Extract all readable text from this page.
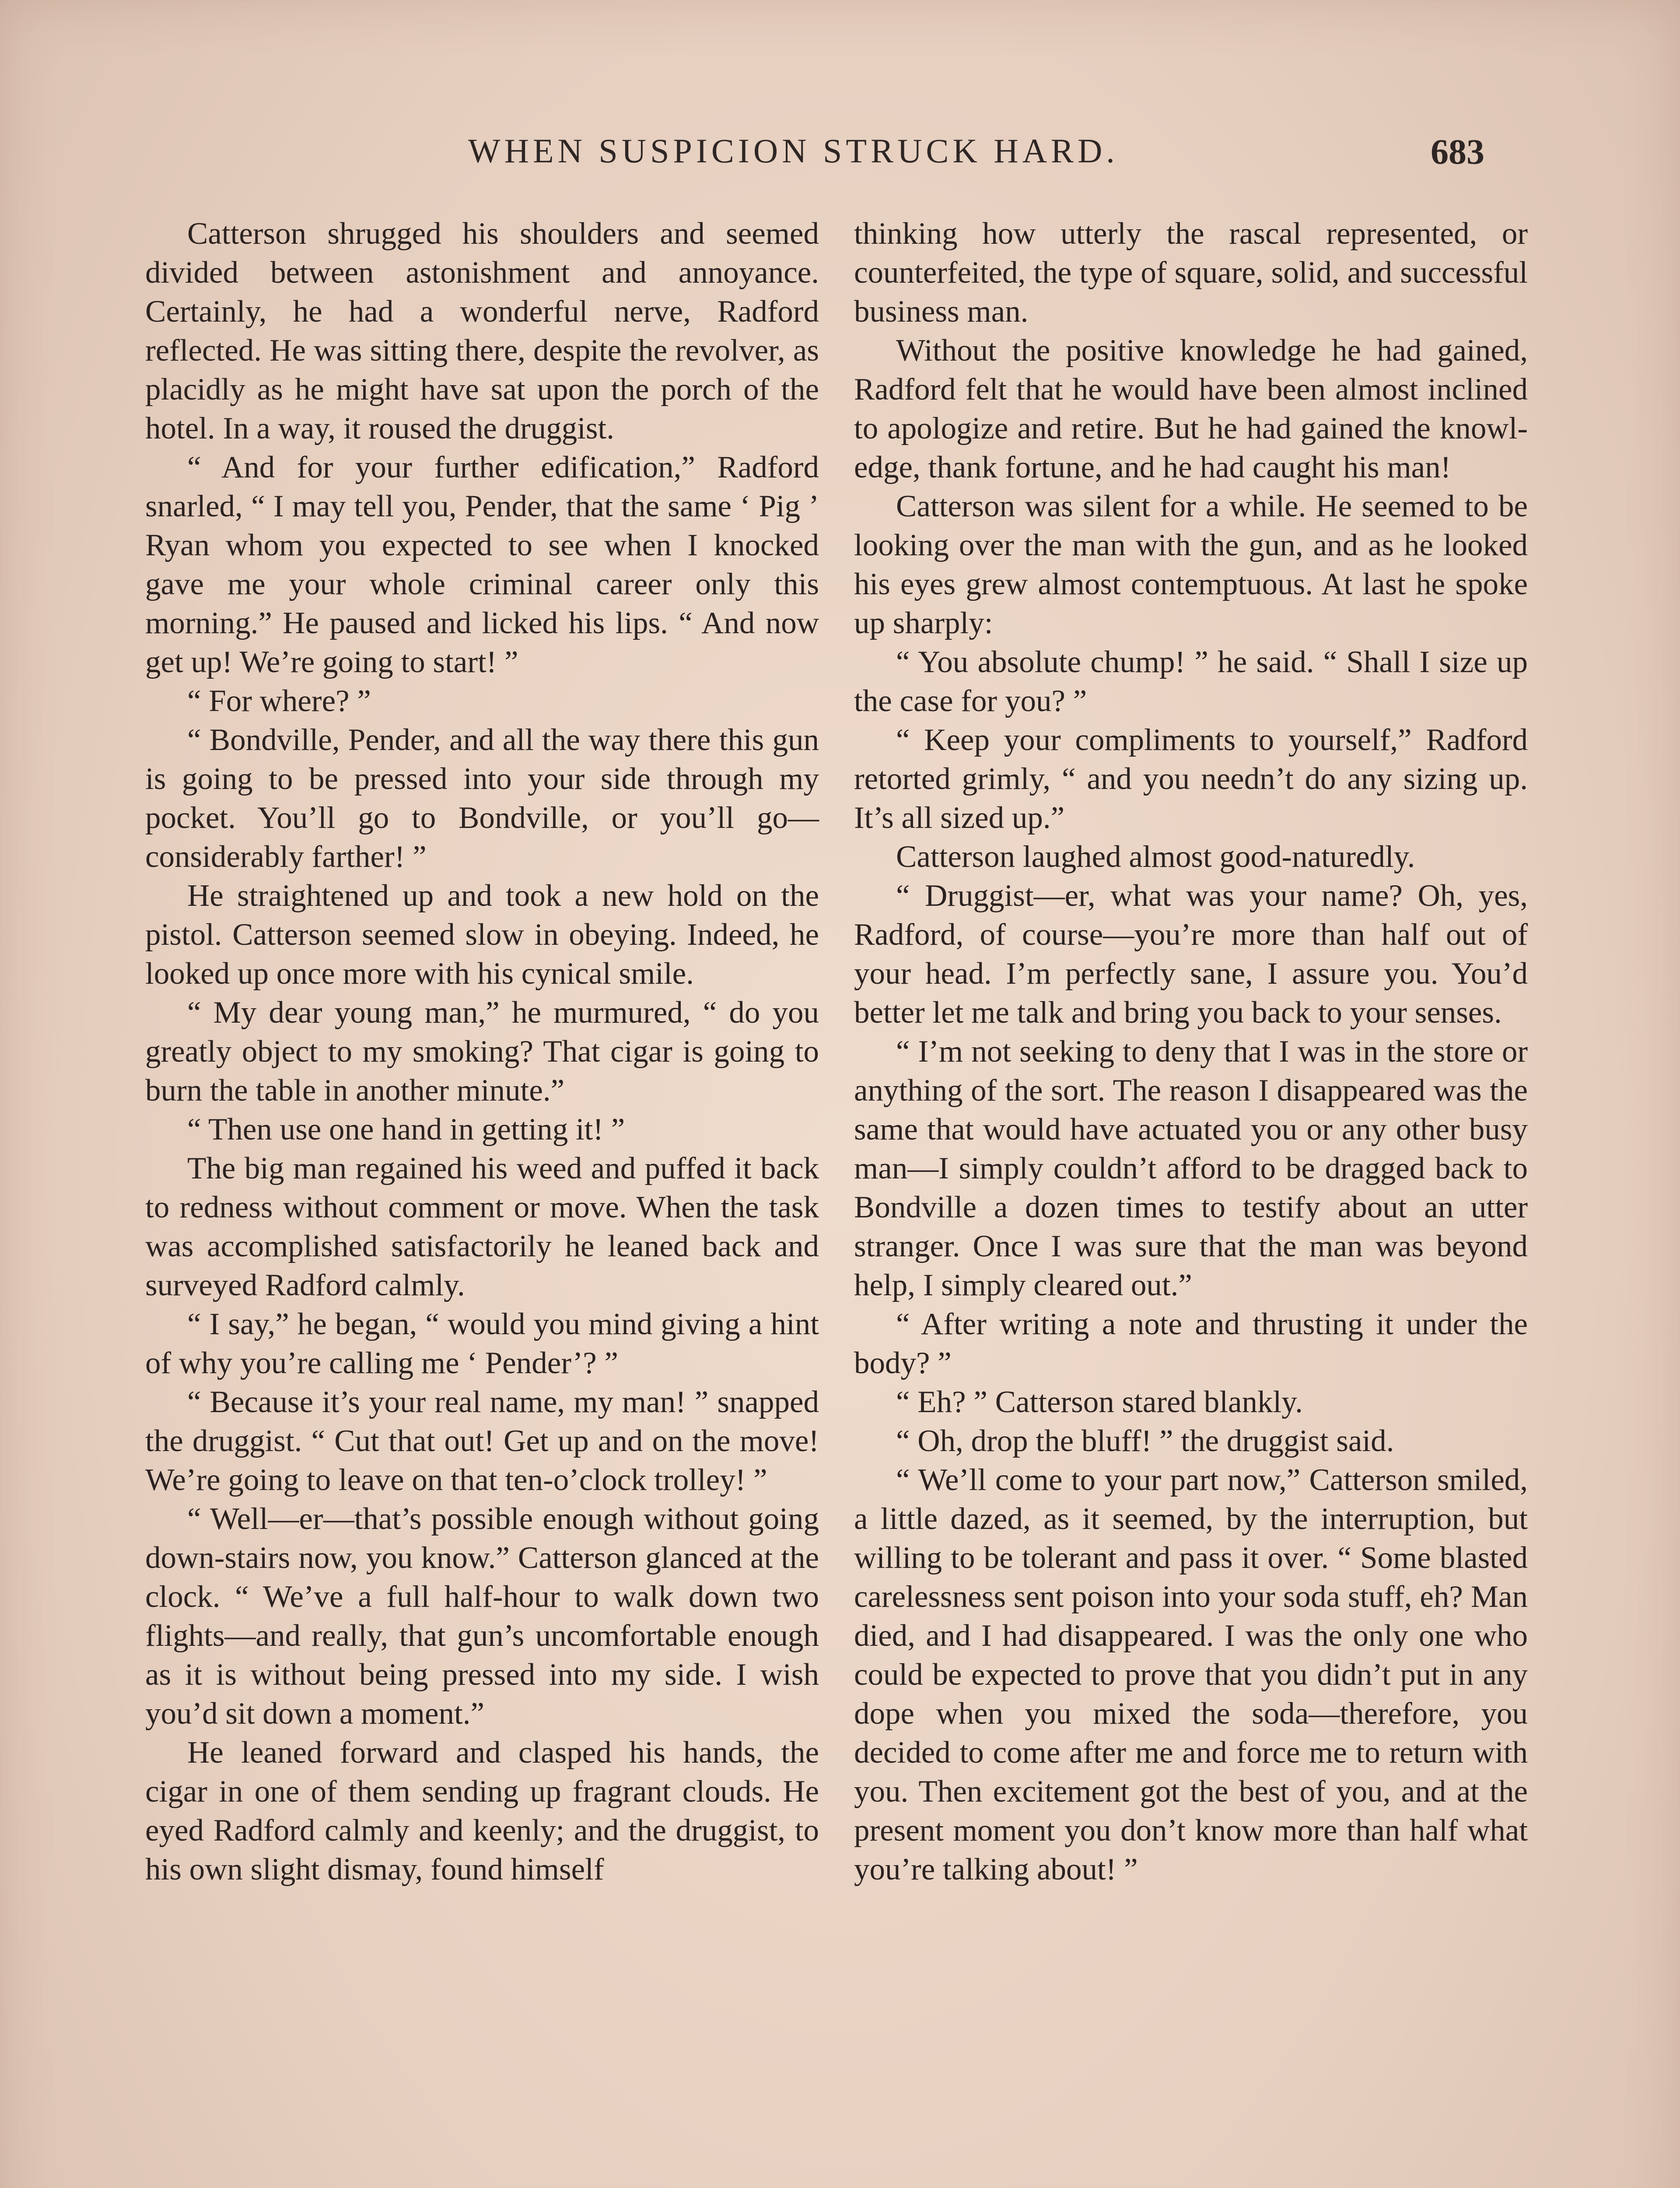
WHEN SUSPICION STRUCK HARD.	683

Catterson shrugged his shoulders and seemed divided between astonishment and annoyance. Certainly, he had a wonderful nerve, Radford reflected. He was sitting there, despite the revolver, as placidly as he might have sat upon the porch of the hotel. In a way, it roused the druggist.

“ And for your further edification,” Radford snarled, “ I may tell you, Pender, that the same ‘ Pig ’ Ryan whom you expected to see when I knocked gave me your whole criminal career only this morning.” He paused and licked his lips. “ And now get up! We’re going to start! ”

“ For where? ”

“ Bondville, Pender, and all the way there this gun is going to be pressed into your side through my pocket. You’ll go to Bondville, or you’ll go—considerably farther! ”

He straightened up and took a new hold on the pistol. Catterson seemed slow in obeying. Indeed, he looked up once more with his cynical smile.

“ My dear young man,” he murmured, “ do you greatly object to my smoking? That cigar is going to burn the table in another minute.”

“ Then use one hand in getting it! ”

The big man regained his weed and puffed it back to redness without comment or move. When the task was accomplished satisfactorily he leaned back and surveyed Radford calmly.

“ I say,” he began, “ would you mind giving a hint of why you’re calling me ‘ Pender’? ”

“ Because it’s your real name, my man! ” snapped the druggist. “ Cut that out! Get up and on the move! We’re going to leave on that ten-o’clock trolley! ”

“ Well—er—that’s possible enough without going down-stairs now, you know.” Catterson glanced at the clock. “ We’ve a full half-hour to walk down two flights—and really, that gun’s uncomfortable enough as it is without being pressed into my side. I wish you’d sit down a moment.”

He leaned forward and clasped his hands, the cigar in one of them sending up fragrant clouds. He eyed Radford calmly and keenly; and the druggist, to his own slight dismay, found himself

thinking how utterly the rascal represented, or counterfeited, the type of square, solid, and successful business man.

Without the positive knowledge he had gained, Radford felt that he would have been almost inclined to apologize and retire. But he had gained the knowledge, thank fortune, and he had caught his man!

Catterson was silent for a while. He seemed to be looking over the man with the gun, and as he looked his eyes grew almost contemptuous. At last he spoke up sharply:

“ You absolute chump! ” he said. “ Shall I size up the case for you? ”

“ Keep your compliments to yourself,” Radford retorted grimly, “ and you needn’t do any sizing up. It’s all sized up.”

Catterson laughed almost good-naturedly.

“ Druggist—er, what was your name? Oh, yes, Radford, of course—you’re more than half out of your head. I’m perfectly sane, I assure you. You’d better let me talk and bring you back to your senses.

“ I’m not seeking to deny that I was in the store or anything of the sort. The reason I disappeared was the same that would have actuated you or any other busy man—I simply couldn’t afford to be dragged back to Bondville a dozen times to testify about an utter stranger. Once I was sure that the man was beyond help, I simply cleared out.”

“ After writing a note and thrusting it under the body? ”

“ Eh? ” Catterson stared blankly.

“ Oh, drop the bluff! ” the druggist said.

“ We’ll come to your part now,” Catterson smiled, a little dazed, as it seemed, by the interruption, but willing to be tolerant and pass it over. “ Some blasted carelessness sent poison into your soda stuff, eh? Man died, and I had disappeared. I was the only one who could be expected to prove that you didn’t put in any dope when you mixed the soda—therefore, you decided to come after me and force me to return with you. Then excitement got the best of you, and at the present moment you don’t know more than half what you’re talking about! ”
